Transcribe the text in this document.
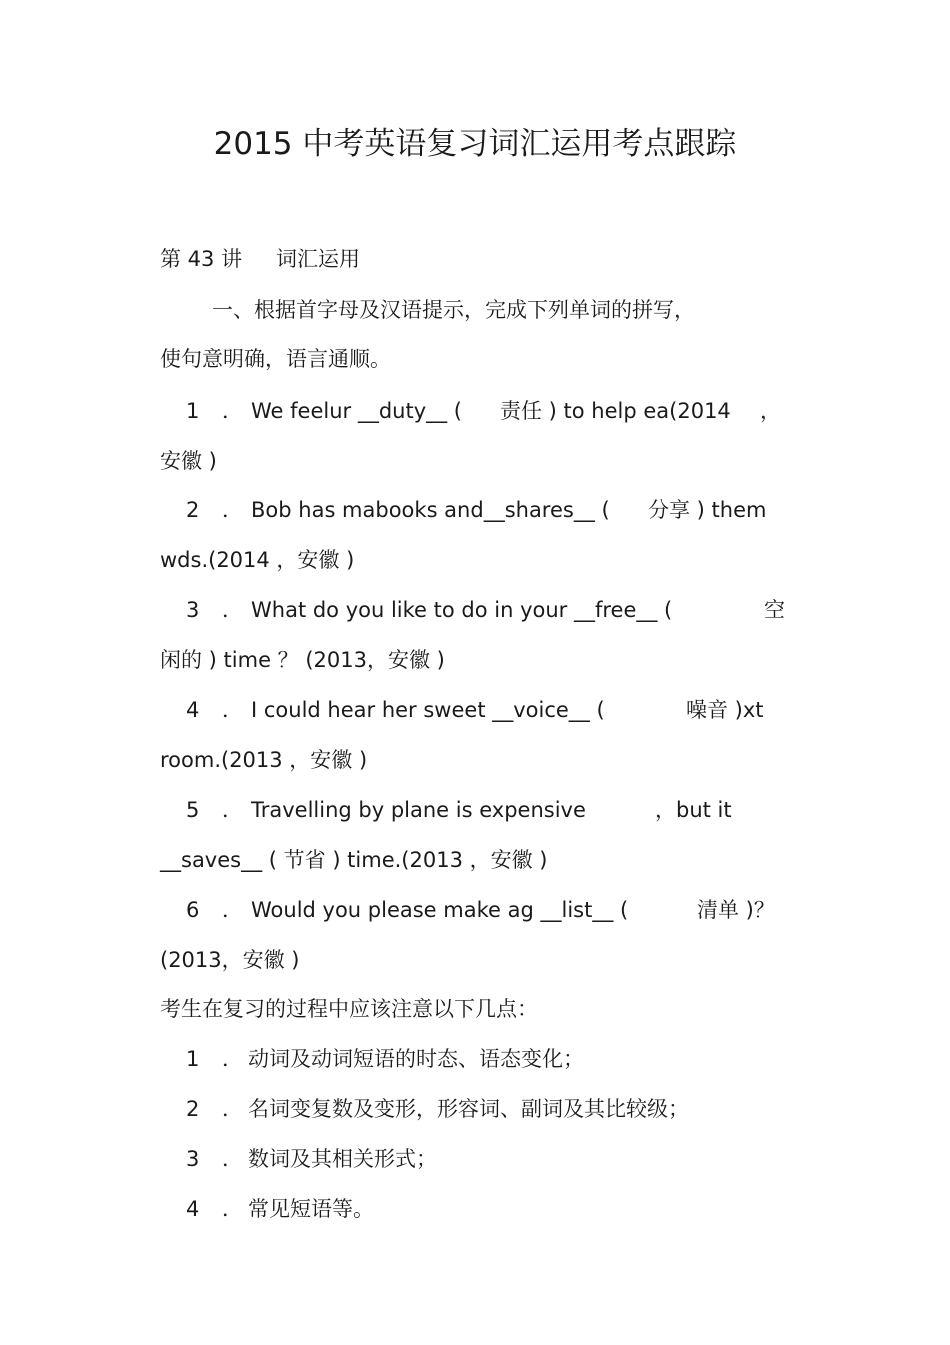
2015 中考英语复习词汇运用考点跟踪
第 43 讲 词汇运用
一、根据首字母及汉语提示，完成下列单词的拼写，
使句意明确，语言通顺。
1 ． We feelur __duty__ ( 责任 ) to help ea(2014 ，
安徽 )
2 ． Bob has mabooks and__shares__ ( 分享 ) them
wds.(2014 ，安徽 )
3 ． What do you like to do in your __free__ (	空
闲的 ) time ？ (2013，安徽 )
4 ． I could hear her sweet __voice__ (	噪音 )xt
room.(2013 ，安徽 )
5 ． Travelling by plane is expensive	，but it
__saves__ ( 节省 ) time.(2013 ，安徽 )
6 ． Would you please make ag __list__ (	清单 )？
(2013，安徽 )
考生在复习的过程中应该注意以下几点：
1 ． 动词及动词短语的时态、语态变化；
2 ． 名词变复数及变形，形容词、副词及其比较级；
3 ． 数词及其相关形式；
4 ． 常见短语等。
